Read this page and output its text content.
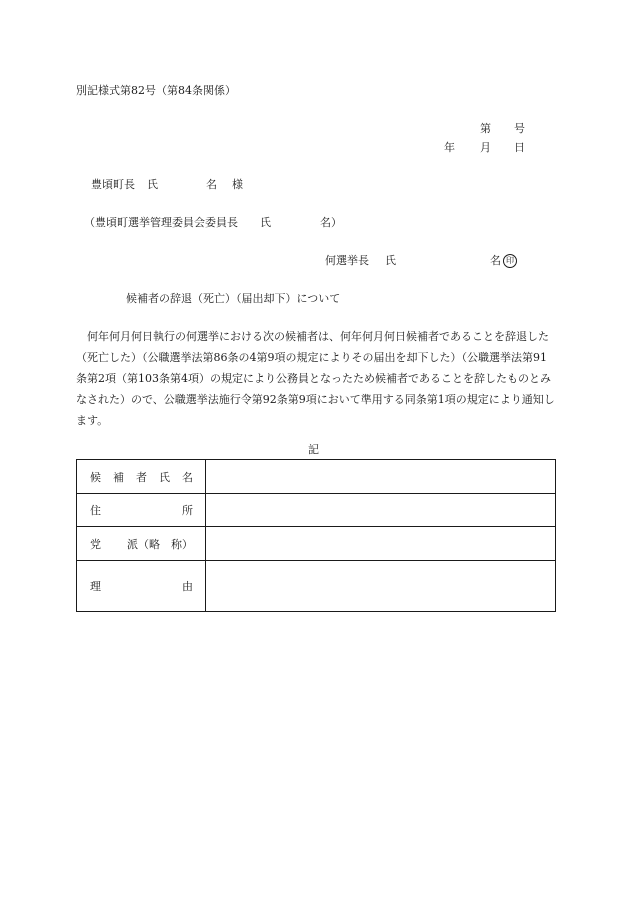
別記様式第82号（第84条関係）
第 号
年 月 日
豊頃町長 氏	名 様
（豊頃町選挙管理委員会委員長 氏	名）
何選挙長 氏	名 印
候補者の辞退（死亡）（届出却下）について
何年何月何日執行の何選挙における次の候補者は、何年何月何日候補者であることを辞退した（死亡した）（公職選挙法第86条の4第9項の規定によりその届出を却下した）（公職選挙法第91条第2項（第103条第4項）の規定により公務員となったため候補者であることを辞したものとみなされた）ので、公職選挙法施行令第92条第9項において準用する同条第1項の規定により通知します。
記
候 補 者 氏 名	

住 所	

党 派（略　称）	

理 由	
